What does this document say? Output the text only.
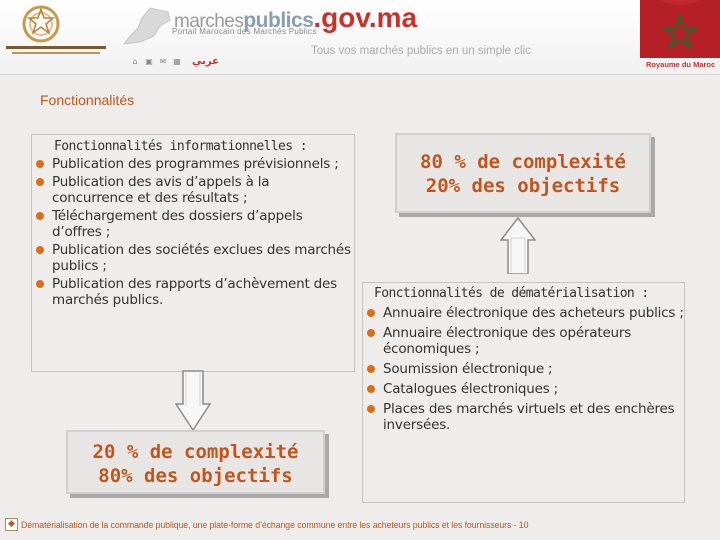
marchespublics.gov.ma
Portail Marocain des Marchés Publics
⌂ ▣ ✉ ▦ عربي
Tous vos marchés publics en un simple clic
Royaume du Maroc
Fonctionnalités
Fonctionnalités informationnelles :
Publication des programmes prévisionnels ;
Publication des avis d’appels à la concurrence et des résultats ;
Téléchargement des dossiers d’appels d’offres ;
Publication des sociétés exclues des marchés publics ;
Publication des rapports d’achèvement des marchés publics.
80 % de complexité
20% des objectifs
Fonctionnalités de dématérialisation :
Annuaire électronique des acheteurs publics ;
Annuaire électronique des opérateurs économiques ;
Soumission électronique ;
Catalogues électroniques ;
Places des marchés virtuels et des enchères inversées.
20 % de complexité
80% des objectifs
◆ Dématérialisation de la commande publique, une plate-forme d’échange commune entre les acheteurs publics et les fournisseurs - 10
